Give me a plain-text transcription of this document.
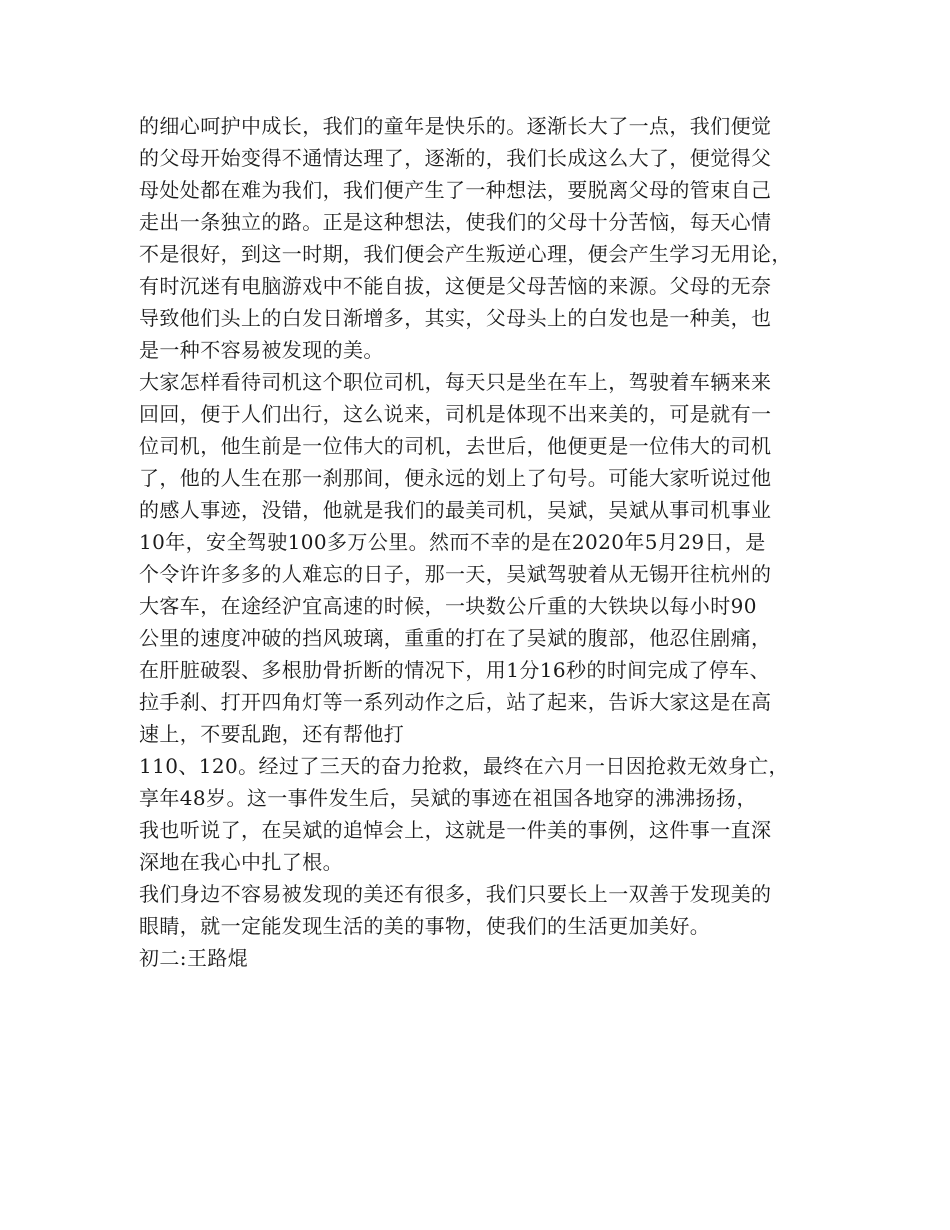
的细心呵护中成长，我们的童年是快乐的。逐渐长大了一点，我们便觉
的父母开始变得不通情达理了，逐渐的，我们长成这么大了，便觉得父
母处处都在难为我们，我们便产生了一种想法，要脱离父母的管束自己
走出一条独立的路。正是这种想法，使我们的父母十分苦恼，每天心情
不是很好，到这一时期，我们便会产生叛逆心理，便会产生学习无用论，
有时沉迷有电脑游戏中不能自拔，这便是父母苦恼的来源。父母的无奈
导致他们头上的白发日渐增多，其实，父母头上的白发也是一种美，也
是一种不容易被发现的美。
大家怎样看待司机这个职位司机，每天只是坐在车上，驾驶着车辆来来
回回，便于人们出行，这么说来，司机是体现不出来美的，可是就有一
位司机，他生前是一位伟大的司机，去世后，他便更是一位伟大的司机
了，他的人生在那一刹那间，便永远的划上了句号。可能大家听说过他
的感人事迹，没错，他就是我们的最美司机，吴斌，吴斌从事司机事业
10年，安全驾驶100多万公里。然而不幸的是在2020年5月29日，是
个令许许多多的人难忘的日子，那一天，吴斌驾驶着从无锡开往杭州的
大客车，在途经沪宜高速的时候，一块数公斤重的大铁块以每小时90
公里的速度冲破的挡风玻璃，重重的打在了吴斌的腹部，他忍住剧痛，
在肝脏破裂、多根肋骨折断的情况下，用1分16秒的时间完成了停车、
拉手刹、打开四角灯等一系列动作之后，站了起来，告诉大家这是在高
速上，不要乱跑，还有帮他打
110、120。经过了三天的奋力抢救，最终在六月一日因抢救无效身亡，
享年48岁。这一事件发生后，吴斌的事迹在祖国各地穿的沸沸扬扬，
我也听说了，在吴斌的追悼会上，这就是一件美的事例，这件事一直深
深地在我心中扎了根。
我们身边不容易被发现的美还有很多，我们只要长上一双善于发现美的
眼睛，就一定能发现生活的美的事物，使我们的生活更加美好。
初二:王路焜
